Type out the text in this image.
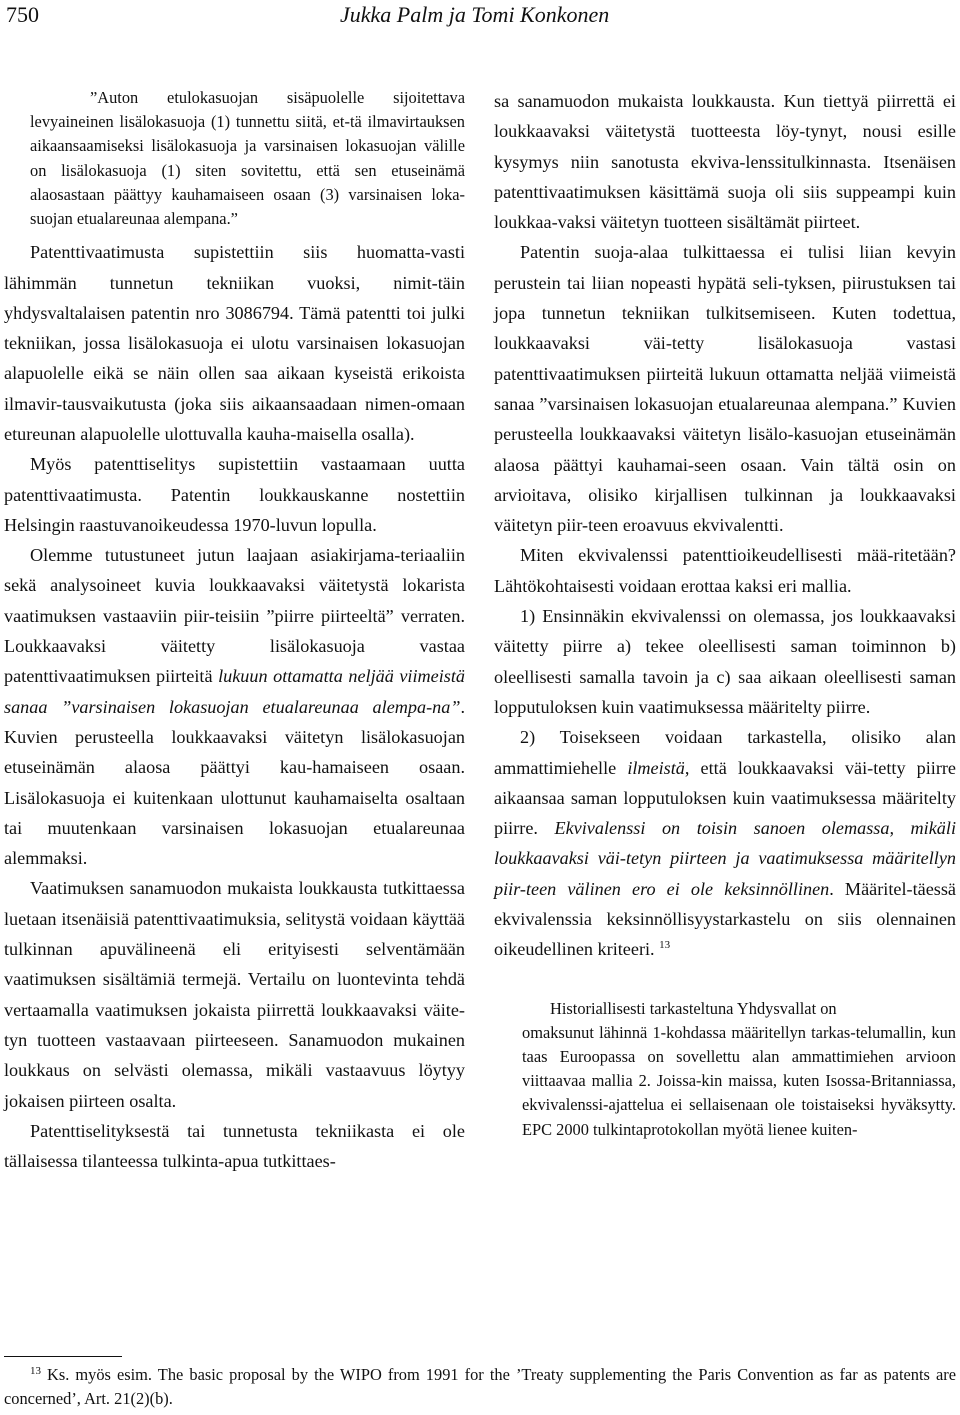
750	Jukka Palm ja Tomi Konkonen

”Auton etulokasuojan sisäpuolelle sijoitettava levyaineinen lisälokasuoja (1) tunnettu siitä, et-tä ilmavirtauksen aikaansaamiseksi lisälokasuoja ja varsinaisen lokasuojan välille on lisälokasuoja (1) siten sovitettu, että sen etuseinämä alaosastaan päättyy kauhamaiseen osaan (3) varsinaisen loka-suojan etualareunaa alempana.”

Patenttivaatimusta supistettiin siis huomatta-vasti lähimmän tunnetun tekniikan vuoksi, nimit-täin yhdysvaltalaisen patentin nro 3086794. Tämä patentti toi julki tekniikan, jossa lisälokasuoja ei ulotu varsinaisen lokasuojan alapuolelle eikä se näin ollen saa aikaan kyseistä erikoista ilmavir-tausvaikutusta (joka siis aikaansaadaan nimen-omaan etureunan alapuolelle ulottuvalla kauha-maisella osalla).

Myös patenttiselitys supistettiin vastaamaan uutta patenttivaatimusta. Patentin loukkauskanne nostettiin Helsingin raastuvanoikeudessa 1970-luvun lopulla.

Olemme tutustuneet jutun laajaan asiakirjama-teriaaliin sekä analysoineet kuvia loukkaavaksi väitetystä lokarista vaatimuksen vastaaviin piir-teisiin ”piirre piirteeltä” verraten. Loukkaavaksi väitetty lisälokasuoja vastaa patenttivaatimuksen piirteitä lukuun ottamatta neljää viimeistä sanaa ”varsinaisen lokasuojan etualareunaa alempa-na”. Kuvien perusteella loukkaavaksi väitetyn lisälokasuojan etuseinämän alaosa päättyi kau-hamaiseen osaan. Lisälokasuoja ei kuitenkaan ulottunut kauhamaiselta osaltaan tai muutenkaan varsinaisen lokasuojan etualareunaa alemmaksi.

Vaatimuksen sanamuodon mukaista loukkausta tutkittaessa luetaan itsenäisiä patenttivaatimuksia, selitystä voidaan käyttää tulkinnan apuvälineenä eli erityisesti selventämään vaatimuksen sisältämiä termejä. Vertailu on luontevinta tehdä vertaamalla vaatimuksen jokaista piirrettä loukkaavaksi väite-tyn tuotteen vastaavaan piirteeseen. Sanamuodon mukainen loukkaus on selvästi olemassa, mikäli vastaavuus löytyy jokaisen piirteen osalta.

Patenttiselityksestä tai tunnetusta tekniikasta ei ole tällaisessa tilanteessa tulkinta-apua tutkittaes-

sa sanamuodon mukaista loukkausta. Kun tiettyä piirrettä ei loukkaavaksi väitetystä tuotteesta löy-tynyt, nousi esille kysymys niin sanotusta ekviva-lenssitulkinnasta. Itsenäisen patenttivaatimuksen käsittämä suoja oli siis suppeampi kuin loukkaa-vaksi väitetyn tuotteen sisältämät piirteet.

Patentin suoja-alaa tulkittaessa ei tulisi liian kevyin perustein tai liian nopeasti hypätä seli-tyksen, piirustuksen tai jopa tunnetun tekniikan tulkitsemiseen. Kuten todettua, loukkaavaksi väi-tetty lisälokasuoja vastasi patenttivaatimuksen piirteitä lukuun ottamatta neljää viimeistä sanaa ”varsinaisen lokasuojan etualareunaa alempana.” Kuvien perusteella loukkaavaksi väitetyn lisälo-kasuojan etuseinämän alaosa päättyi kauhamai-seen osaan. Vain tältä osin on arvioitava, olisiko kirjallisen tulkinnan ja loukkaavaksi väitetyn piir-teen eroavuus ekvivalentti.

Miten ekvivalenssi patenttioikeudellisesti mää-ritetään? Lähtökohtaisesti voidaan erottaa kaksi eri mallia.

1) Ensinnäkin ekvivalenssi on olemassa, jos loukkaavaksi väitetty piirre a) tekee oleellisesti saman toiminnon b) oleellisesti samalla tavoin ja c) saa aikaan oleellisesti saman lopputuloksen kuin vaatimuksessa määritelty piirre.

2) Toisekseen voidaan tarkastella, olisiko alan ammattimiehelle ilmeistä, että loukkaavaksi väi-tetty piirre aikaansaa saman lopputuloksen kuin vaatimuksessa määritelty piirre. Ekvivalenssi on toisin sanoen olemassa, mikäli loukkaavaksi väi-tetyn piirteen ja vaatimuksessa määritellyn piir-teen välinen ero ei ole keksinnöllinen. Määritel-täessä ekvivalenssia keksinnöllisyystarkastelu on siis olennainen oikeudellinen kriteeri. $^{13}$

Historiallisesti tarkasteltuna Yhdysvallat on
omaksunut lähinnä 1-kohdassa määritellyn tarkas-telumallin, kun taas Euroopassa on sovellettu alan ammattimiehen arvioon viittaavaa mallia 2. Joissa-kin maissa, kuten Isossa-Britanniassa, ekvivalenssi-ajattelua ei sellaisenaan ole toistaiseksi hyväksytty. EPC 2000 tulkintaprotokollan myötä lienee kuiten-
$^{13}$ Ks. myös esim. The basic proposal by the WIPO from 1991 for the ’Treaty supplementing the Paris Convention as far as patents are concerned’, Art. 21(2)(b).
